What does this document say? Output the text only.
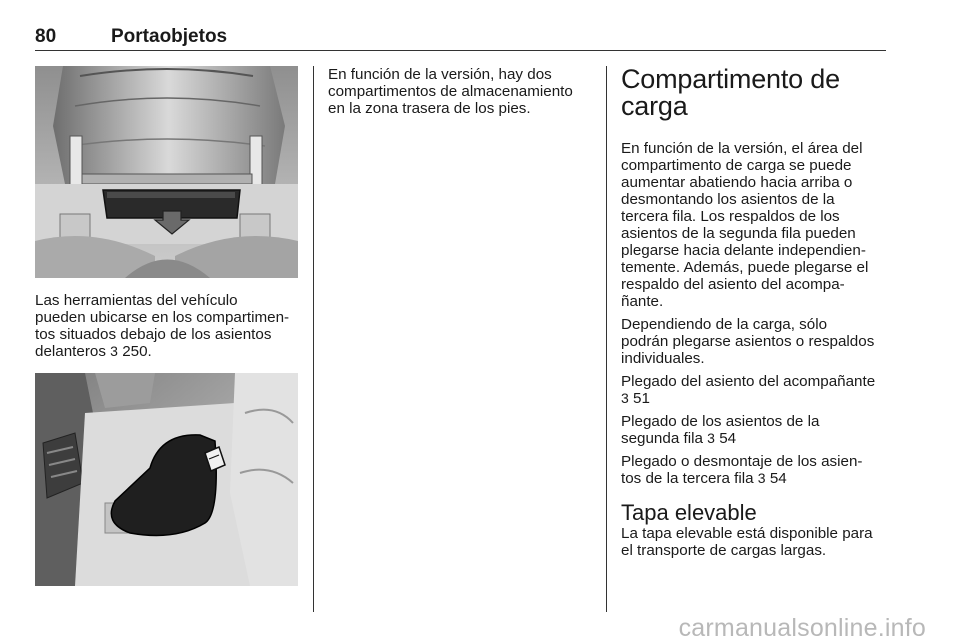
80	Portaobjetos

Las herramientas del vehículo

pueden ubicarse en los compartimen-

tos situados debajo de los asientos

delanteros 3 250.

En función de la versión, hay dos

compartimentos de almacenamiento

en la zona trasera de los pies.

Compartimento de
carga

En función de la versión, el área del

compartimento de carga se puede

aumentar abatiendo hacia arriba o

desmontando los asientos de la

tercera fila. Los respaldos de los

asientos de la segunda fila pueden

plegarse hacia delante independien-

temente. Además, puede plegarse el

respaldo del asiento del acompa-

ñante.

Dependiendo de la carga, sólo

podrán plegarse asientos o respaldos

individuales.

Plegado del asiento del acompañante

3 51

Plegado de los asientos de la

segunda fila 3 54

Plegado o desmontaje de los asien-

tos de la tercera fila 3 54

Tapa elevable

La tapa elevable está disponible para

el transporte de cargas largas.

carmanualsonline.info
